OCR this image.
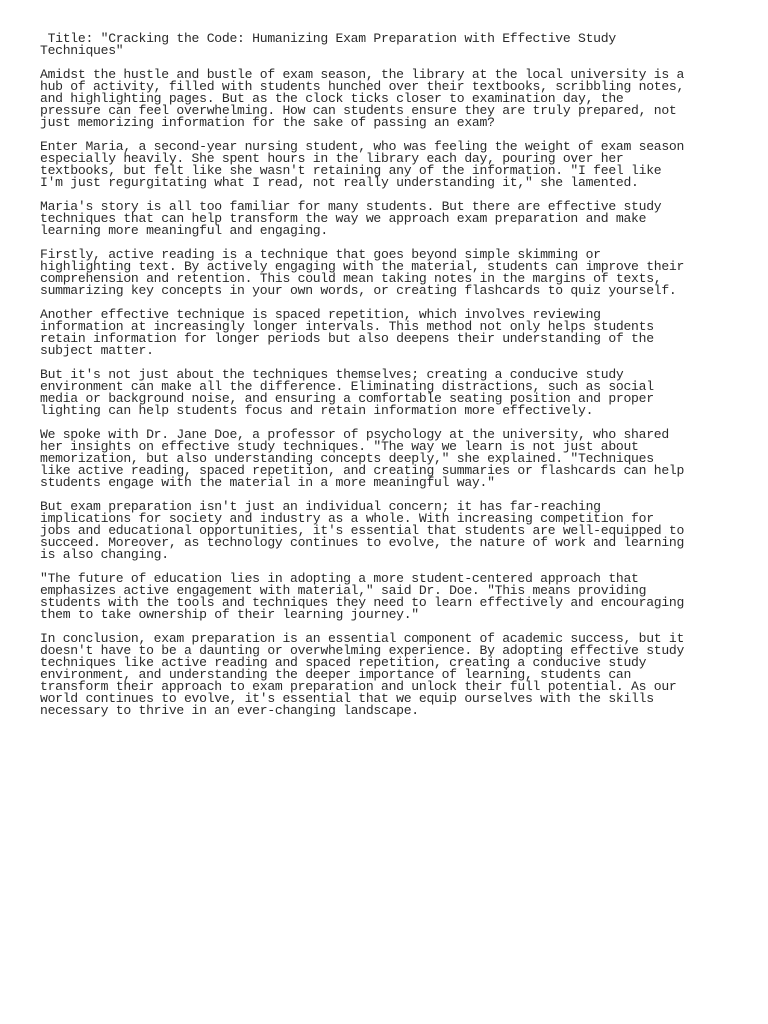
Title: "Cracking the Code: Humanizing Exam Preparation with Effective Study
Techniques"

Amidst the hustle and bustle of exam season, the library at the local university is a
hub of activity, filled with students hunched over their textbooks, scribbling notes,
and highlighting pages. But as the clock ticks closer to examination day, the
pressure can feel overwhelming. How can students ensure they are truly prepared, not
just memorizing information for the sake of passing an exam?

Enter Maria, a second-year nursing student, who was feeling the weight of exam season
especially heavily. She spent hours in the library each day, pouring over her
textbooks, but felt like she wasn't retaining any of the information. "I feel like
I'm just regurgitating what I read, not really understanding it," she lamented.

Maria's story is all too familiar for many students. But there are effective study
techniques that can help transform the way we approach exam preparation and make
learning more meaningful and engaging.

Firstly, active reading is a technique that goes beyond simple skimming or
highlighting text. By actively engaging with the material, students can improve their
comprehension and retention. This could mean taking notes in the margins of texts,
summarizing key concepts in your own words, or creating flashcards to quiz yourself.

Another effective technique is spaced repetition, which involves reviewing
information at increasingly longer intervals. This method not only helps students
retain information for longer periods but also deepens their understanding of the
subject matter.

But it's not just about the techniques themselves; creating a conducive study
environment can make all the difference. Eliminating distractions, such as social
media or background noise, and ensuring a comfortable seating position and proper
lighting can help students focus and retain information more effectively.

We spoke with Dr. Jane Doe, a professor of psychology at the university, who shared
her insights on effective study techniques. "The way we learn is not just about
memorization, but also understanding concepts deeply," she explained. "Techniques
like active reading, spaced repetition, and creating summaries or flashcards can help
students engage with the material in a more meaningful way."

But exam preparation isn't just an individual concern; it has far-reaching
implications for society and industry as a whole. With increasing competition for
jobs and educational opportunities, it's essential that students are well-equipped to
succeed. Moreover, as technology continues to evolve, the nature of work and learning
is also changing.

"The future of education lies in adopting a more student-centered approach that
emphasizes active engagement with material," said Dr. Doe. "This means providing
students with the tools and techniques they need to learn effectively and encouraging
them to take ownership of their learning journey."

In conclusion, exam preparation is an essential component of academic success, but it
doesn't have to be a daunting or overwhelming experience. By adopting effective study
techniques like active reading and spaced repetition, creating a conducive study
environment, and understanding the deeper importance of learning, students can
transform their approach to exam preparation and unlock their full potential. As our
world continues to evolve, it's essential that we equip ourselves with the skills
necessary to thrive in an ever-changing landscape.
